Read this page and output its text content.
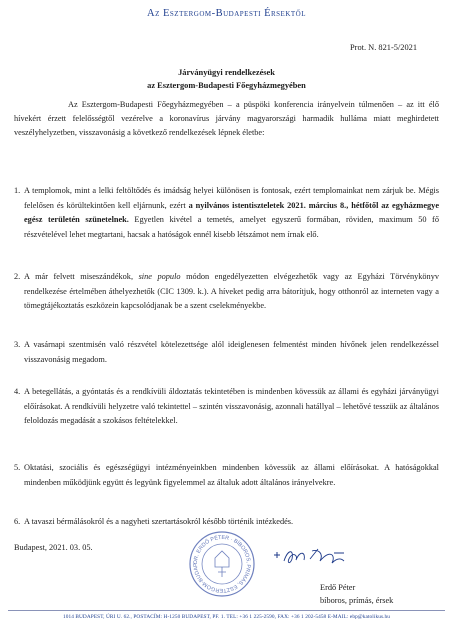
Az Esztergom-Budapesti Érsektől
Prot. N. 821-5/2021
Járványügyi rendelkezések
az Esztergom-Budapesti Főegyházmegyében
Az Esztergom-Budapesti Főegyházmegyében – a püspöki konferencia irányelvein túlmenően – az itt élő hívekért érzett felelősségtől vezérelve a koronavírus járvány magyarországi harmadik hulláma miatt meghirdetett veszélyhelyzetben, visszavonásig a következő rendelkezések lépnek életbe:
1. A templomok, mint a lelki feltöltődés és imádság helyei különösen is fontosak, ezért templomainkat nem zárjuk be. Mégis felelősen és körültekintően kell eljárnunk, ezért a nyilvános istentiszteletek 2021. március 8., hétfőtől az egyházmegye egész területén szünetelnek. Egyetlen kivétel a temetés, amelyet egyszerű formában, röviden, maximum 50 fő részvételével lehet megtartani, hacsak a hatóságok ennél kisebb létszámot nem írnak elő.
2. A már felvett miseszándékok, sine populo módon engedélyezetten elvégezhetők vagy az Egyházi Törvénykönyv rendelkezése értelmében áthelyezhetők (CIC 1309. k.). A híveket pedig arra bátorítjuk, hogy otthonról az interneten vagy a tömegtájékoztatás eszközein kapcsolódjanak be a szent cselekményekbe.
3. A vasárnapi szentmisén való részvétel kötelezettsége alól ideiglenesen felmentést minden hívőnek jelen rendelkezéssel visszavonásig megadom.
4. A betegellátás, a gyóntatás és a rendkívüli áldoztatás tekintetében is mindenben kövessük az állami és egyházi járványügyi előírásokat. A rendkívüli helyzetre való tekintettel – szintén visszavonásig, azonnali hatállyal – lehetővé tesszük az általános feloldozás megadását a szokásos feltételekkel.
5. Oktatási, szociális és egészségügyi intézményeinkben mindenben kövessük az állami előírásokat. A hatóságokkal mindenben működjünk együtt és legyünk figyelemmel az általuk adott általános irányelvekre.
6. A tavaszi bérmálásokról és a nagyheti szertartásokról később történik intézkedés.
Budapest, 2021. 03. 05.
DR. ERDŐ PÉTER · BÍBOROS, PRÍMÁS, ESZTERGOM-BUDAP
Erdő Péter
bíboros, prímás, érsek
1014 BUDAPEST, ÚRI U. 62., POSTACÍM: H-1250 BUDAPEST, PF. 1. TEL: +36 1 225-2590, FAX: +36 1 202-5458 E-MAIL: ebp@katolikus.hu
